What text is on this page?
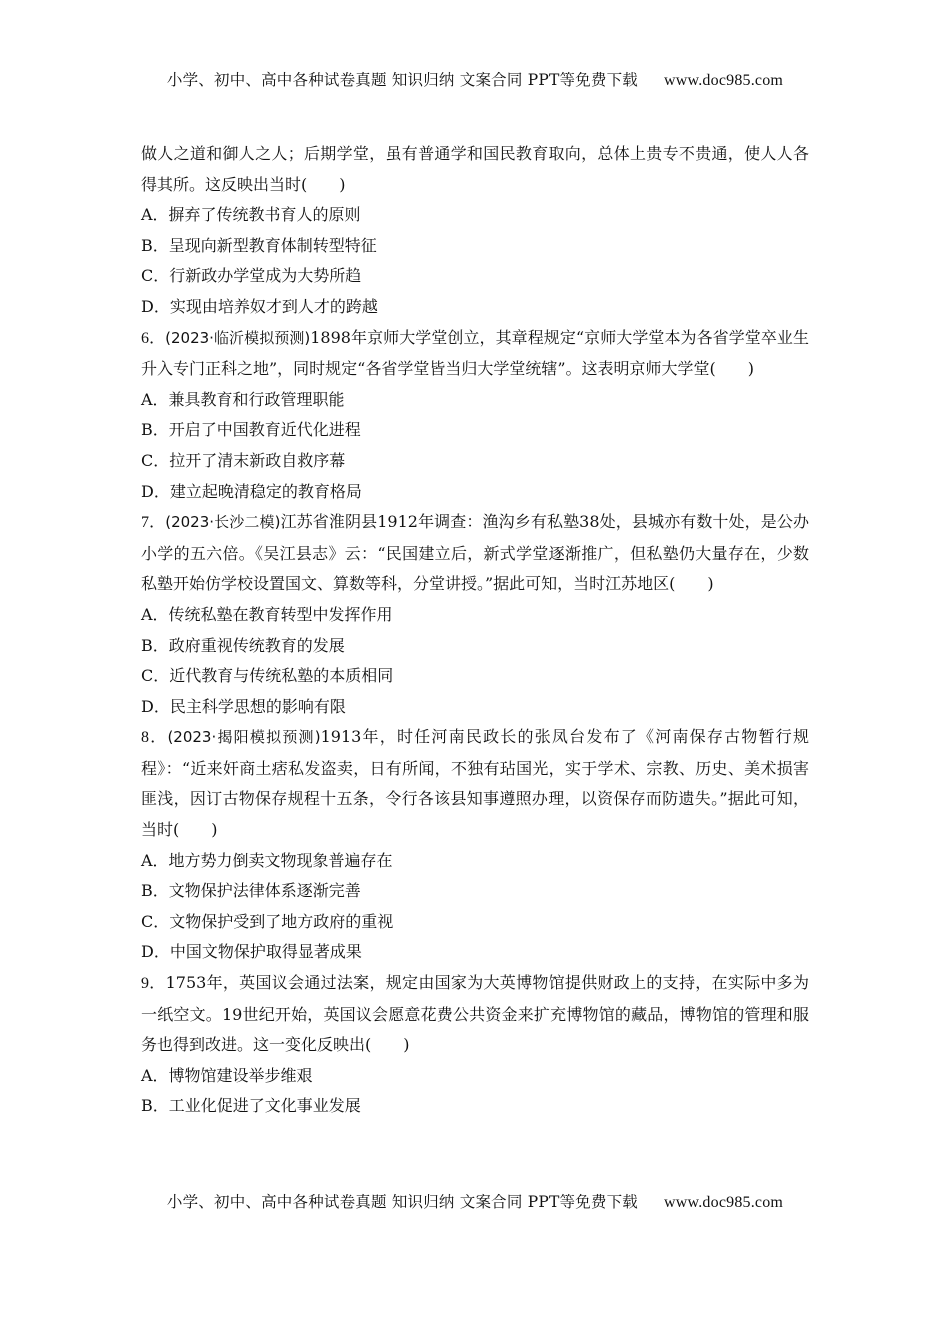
小学、初中、高中各种试卷真题 知识归纳 文案合同 PPT等免费下载 www.doc985.com

做人之道和御人之人；后期学堂，虽有普通学和国民教育取向，总体上贵专不贵通，使人人各得其所。这反映出当时(　　)

A．摒弃了传统教书育人的原则

B．呈现向新型教育体制转型特征

C．行新政办学堂成为大势所趋

D．实现由培养奴才到人才的跨越

6．(2023·临沂模拟预测)1898年京师大学堂创立，其章程规定“京师大学堂本为各省学堂卒业生升入专门正科之地”，同时规定“各省学堂皆当归大学堂统辖”。这表明京师大学堂(　　)

A．兼具教育和行政管理职能

B．开启了中国教育近代化进程

C．拉开了清末新政自救序幕

D．建立起晚清稳定的教育格局

7．(2023·长沙二模)江苏省淮阴县1912年调查：渔沟乡有私塾38处，县城亦有数十处，是公办小学的五六倍。《吴江县志》云：“民国建立后，新式学堂逐渐推广，但私塾仍大量存在，少数私塾开始仿学校设置国文、算数等科，分堂讲授。”据此可知，当时江苏地区(　　)

A．传统私塾在教育转型中发挥作用

B．政府重视传统教育的发展

C．近代教育与传统私塾的本质相同

D．民主科学思想的影响有限

8．(2023·揭阳模拟预测)1913年，时任河南民政长的张凤台发布了《河南保存古物暂行规程》：“近来奸商土痞私发盗卖，日有所闻，不独有玷国光，实于学术、宗教、历史、美术损害匪浅，因订古物保存规程十五条，令行各该县知事遵照办理，以资保存而防遗失。”据此可知，当时(　　)

A．地方势力倒卖文物现象普遍存在

B．文物保护法律体系逐渐完善

C．文物保护受到了地方政府的重视

D．中国文物保护取得显著成果

9．1753年，英国议会通过法案，规定由国家为大英博物馆提供财政上的支持，在实际中多为一纸空文。19世纪开始，英国议会愿意花费公共资金来扩充博物馆的藏品，博物馆的管理和服务也得到改进。这一变化反映出(　　)

A．博物馆建设举步维艰

B．工业化促进了文化事业发展

小学、初中、高中各种试卷真题 知识归纳 文案合同 PPT等免费下载 www.doc985.com
